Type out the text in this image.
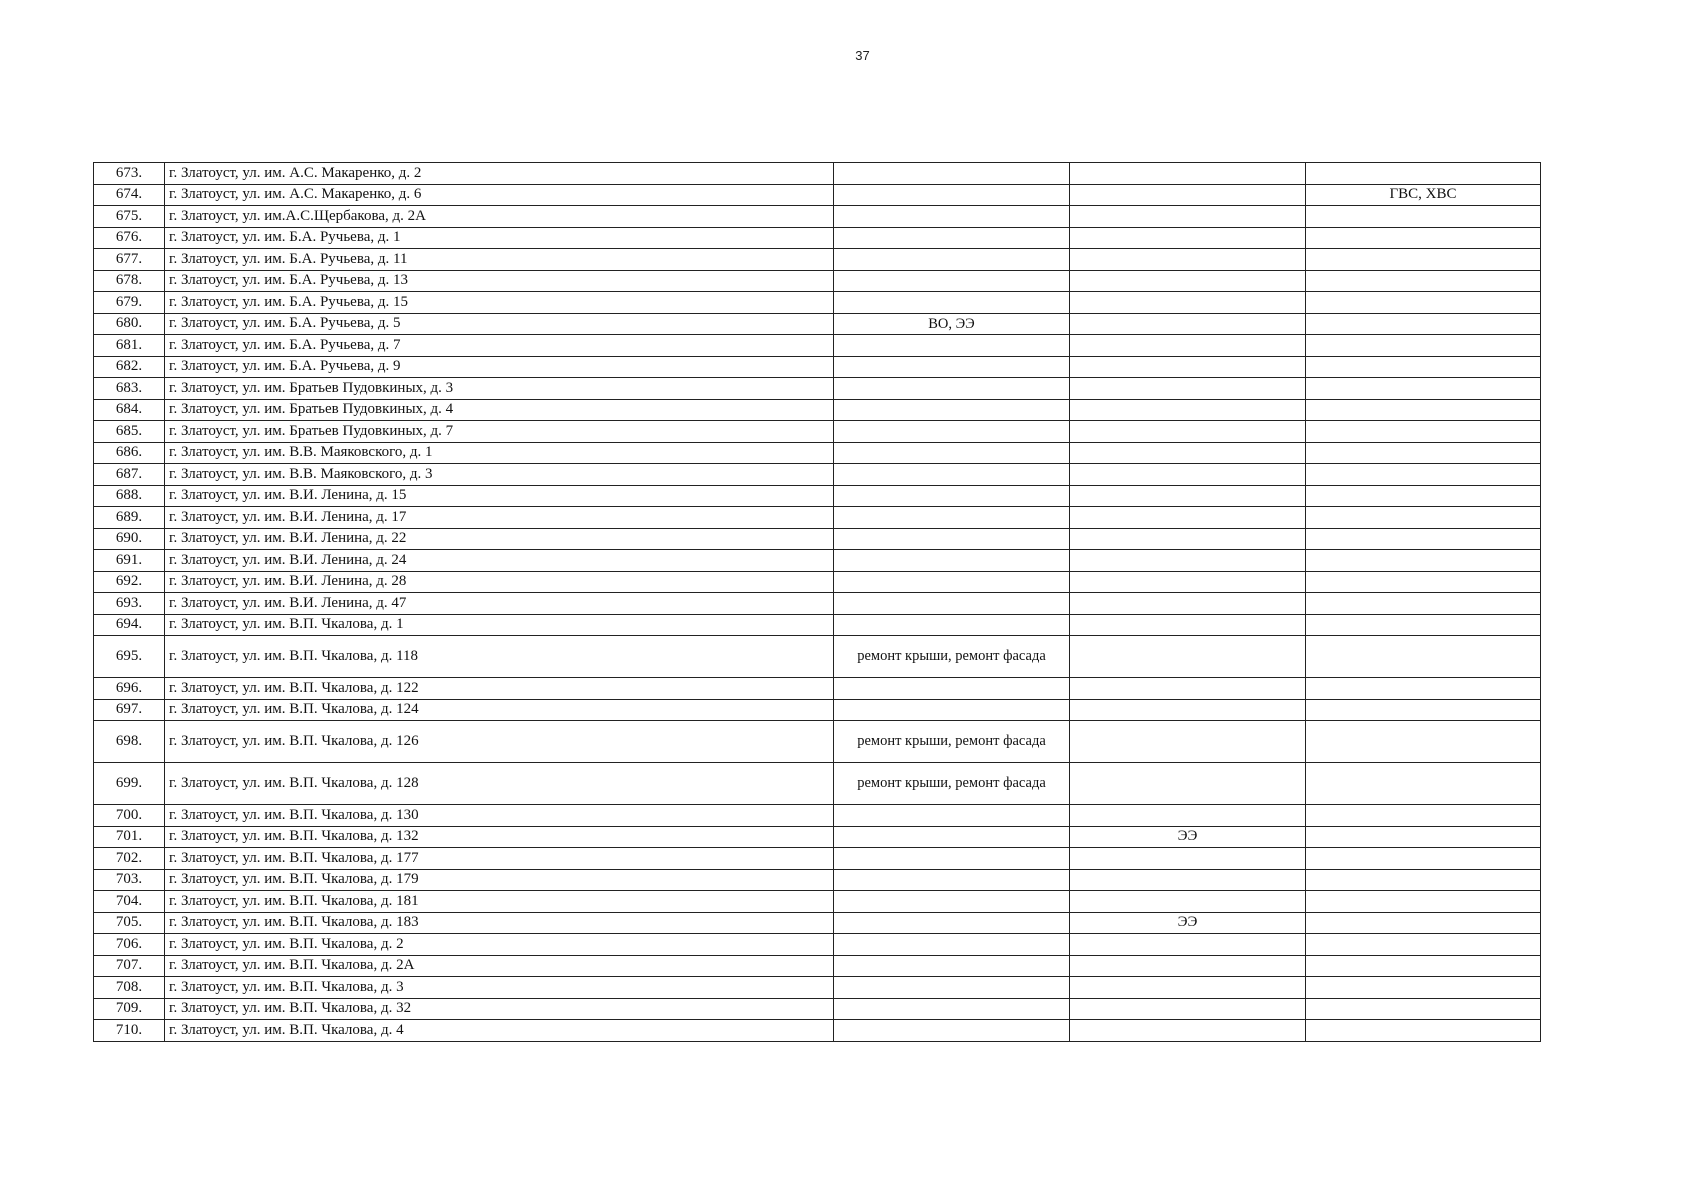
37
673.	г. Златоуст, ул. им. А.С. Макаренко, д. 2			
674.	г. Златоуст, ул. им. А.С. Макаренко, д. 6			ГВС, ХВС
675.	г. Златоуст, ул. им.А.С.Щербакова, д. 2А			
676.	г. Златоуст, ул. им. Б.А. Ручьева, д. 1			
677.	г. Златоуст, ул. им. Б.А. Ручьева, д. 11			
678.	г. Златоуст, ул. им. Б.А. Ручьева, д. 13			
679.	г. Златоуст, ул. им. Б.А. Ручьева, д. 15			
680.	г. Златоуст, ул. им. Б.А. Ручьева, д. 5	ВО, ЭЭ		
681.	г. Златоуст, ул. им. Б.А. Ручьева, д. 7			
682.	г. Златоуст, ул. им. Б.А. Ручьева, д. 9			
683.	г. Златоуст, ул. им. Братьев Пудовкиных, д. 3			
684.	г. Златоуст, ул. им. Братьев Пудовкиных, д. 4			
685.	г. Златоуст, ул. им. Братьев Пудовкиных, д. 7			
686.	г. Златоуст, ул. им. В.В. Маяковского, д. 1			
687.	г. Златоуст, ул. им. В.В. Маяковского, д. 3			
688.	г. Златоуст, ул. им. В.И. Ленина, д. 15			
689.	г. Златоуст, ул. им. В.И. Ленина, д. 17			
690.	г. Златоуст, ул. им. В.И. Ленина, д. 22			
691.	г. Златоуст, ул. им. В.И. Ленина, д. 24			
692.	г. Златоуст, ул. им. В.И. Ленина, д. 28			
693.	г. Златоуст, ул. им. В.И. Ленина, д. 47			
694.	г. Златоуст, ул. им. В.П. Чкалова, д. 1			
695.	г. Златоуст, ул. им. В.П. Чкалова, д. 118	ремонт крыши, ремонт фасада		
696.	г. Златоуст, ул. им. В.П. Чкалова, д. 122			
697.	г. Златоуст, ул. им. В.П. Чкалова, д. 124			
698.	г. Златоуст, ул. им. В.П. Чкалова, д. 126	ремонт крыши, ремонт фасада		
699.	г. Златоуст, ул. им. В.П. Чкалова, д. 128	ремонт крыши, ремонт фасада		
700.	г. Златоуст, ул. им. В.П. Чкалова, д. 130			
701.	г. Златоуст, ул. им. В.П. Чкалова, д. 132		ЭЭ	
702.	г. Златоуст, ул. им. В.П. Чкалова, д. 177			
703.	г. Златоуст, ул. им. В.П. Чкалова, д. 179			
704.	г. Златоуст, ул. им. В.П. Чкалова, д. 181			
705.	г. Златоуст, ул. им. В.П. Чкалова, д. 183		ЭЭ	
706.	г. Златоуст, ул. им. В.П. Чкалова, д. 2			
707.	г. Златоуст, ул. им. В.П. Чкалова, д. 2А			
708.	г. Златоуст, ул. им. В.П. Чкалова, д. 3			
709.	г. Златоуст, ул. им. В.П. Чкалова, д. 32			
710.	г. Златоуст, ул. им. В.П. Чкалова, д. 4			
